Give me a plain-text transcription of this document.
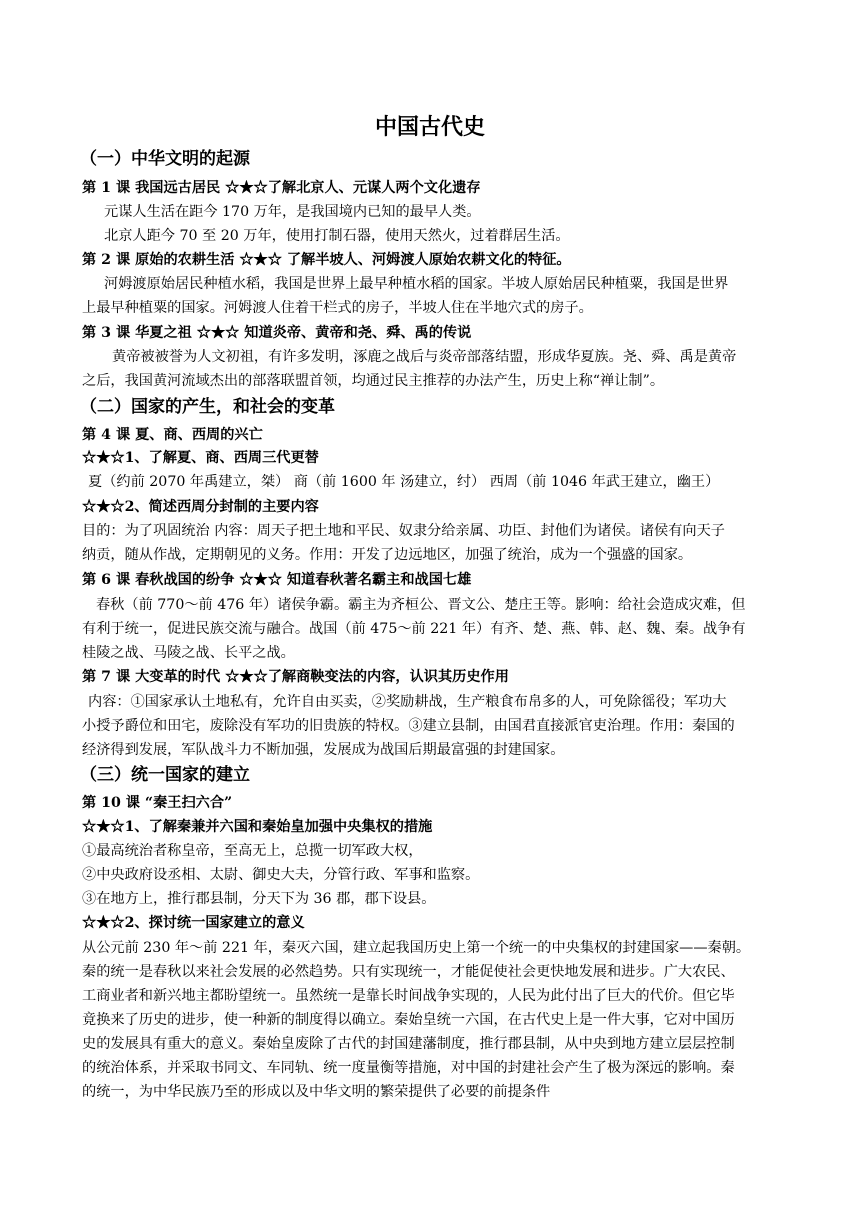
中国古代史
（一）中华文明的起源
第 1 课 我国远古居民 ☆★☆了解北京人、元谋人两个文化遗存
元谋人生活在距今 170 万年，是我国境内已知的最早人类。
北京人距今 70 至 20 万年，使用打制石器，使用天然火，过着群居生活。
第 2 课 原始的农耕生活 ☆★☆ 了解半坡人、河姆渡人原始农耕文化的特征。
河姆渡原始居民种植水稻，我国是世界上最早种植水稻的国家。半坡人原始居民种植粟，我国是世界
上最早种植粟的国家。河姆渡人住着干栏式的房子，半坡人住在半地穴式的房子。
第 3 课 华夏之祖 ☆★☆ 知道炎帝、黄帝和尧、舜、禹的传说
黄帝被被誉为人文初祖，有许多发明，涿鹿之战后与炎帝部落结盟，形成华夏族。尧、舜、禹是黄帝
之后，我国黄河流域杰出的部落联盟首领，均通过民主推荐的办法产生，历史上称“禅让制”。
（二）国家的产生，和社会的变革
第 4 课 夏、商、西周的兴亡
☆★☆1、了解夏、商、西周三代更替
夏（约前 2070 年禹建立，桀） 商（前 1600 年 汤建立，纣） 西周（前 1046 年武王建立，幽王）
☆★☆2、简述西周分封制的主要内容
目的：为了巩固统治 内容：周天子把土地和平民、奴隶分给亲属、功臣、封他们为诸侯。诸侯有向天子
纳贡，随从作战，定期朝见的义务。作用：开发了边远地区，加强了统治，成为一个强盛的国家。
第 6 课 春秋战国的纷争 ☆★☆ 知道春秋著名霸主和战国七雄
春秋（前 770～前 476 年）诸侯争霸。霸主为齐桓公、晋文公、楚庄王等。影响：给社会造成灾难，但
有利于统一，促进民族交流与融合。战国（前 475～前 221 年）有齐、楚、燕、韩、赵、魏、秦。战争有
桂陵之战、马陵之战、长平之战。
第 7 课 大变革的时代 ☆★☆了解商鞅变法的内容，认识其历史作用
内容：①国家承认土地私有，允许自由买卖，②奖励耕战，生产粮食布帛多的人，可免除徭役；军功大
小授予爵位和田宅，废除没有军功的旧贵族的特权。③建立县制，由国君直接派官吏治理。作用：秦国的
经济得到发展，军队战斗力不断加强，发展成为战国后期最富强的封建国家。
（三）统一国家的建立
第 10 课 “秦王扫六合”
☆★☆1、了解秦兼并六国和秦始皇加强中央集权的措施
①最高统治者称皇帝，至高无上，总揽一切军政大权，
②中央政府设丞相、太尉、御史大夫，分管行政、军事和监察。
③在地方上，推行郡县制，分天下为 36 郡，郡下设县。
☆★☆2、探讨统一国家建立的意义
从公元前 230 年～前 221 年，秦灭六国，建立起我国历史上第一个统一的中央集权的封建国家——秦朝。
秦的统一是春秋以来社会发展的必然趋势。只有实现统一，才能促使社会更快地发展和进步。广大农民、
工商业者和新兴地主都盼望统一。虽然统一是靠长时间战争实现的，人民为此付出了巨大的代价。但它毕
竟换来了历史的进步，使一种新的制度得以确立。秦始皇统一六国，在古代史上是一件大事，它对中国历
史的发展具有重大的意义。秦始皇废除了古代的封国建藩制度，推行郡县制，从中央到地方建立层层控制
的统治体系，并采取书同文、车同轨、统一度量衡等措施，对中国的封建社会产生了极为深远的影响。秦
的统一，为中华民族乃至的形成以及中华文明的繁荣提供了必要的前提条件
